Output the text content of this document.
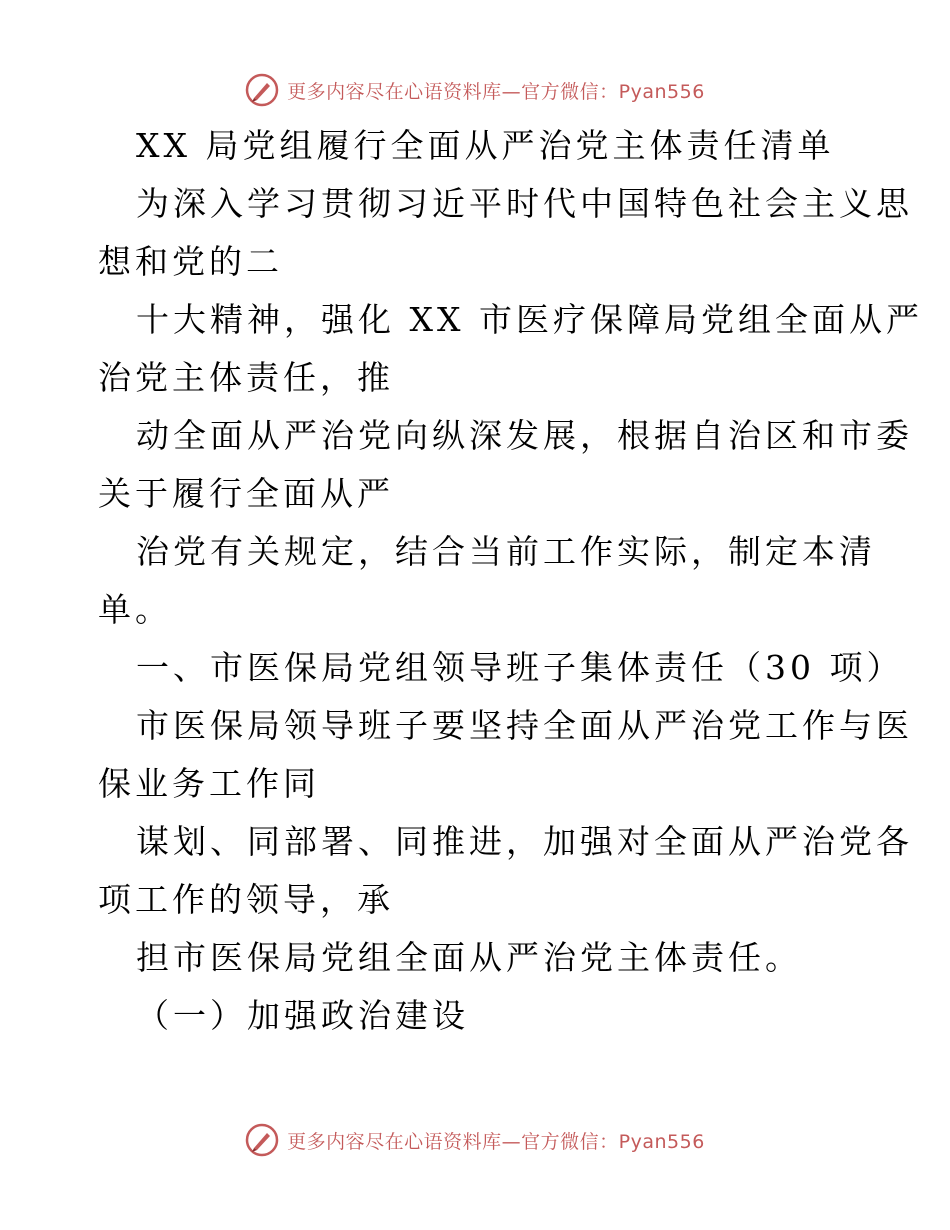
更多内容尽在心语资料库—官方微信：Pyan556
XX 局党组履行全面从严治党主体责任清单
为深入学习贯彻习近平时代中国特色社会主义思
想和党的二
十大精神，强化 XX 市医疗保障局党组全面从严
治党主体责任，推
动全面从严治党向纵深发展，根据自治区和市委
关于履行全面从严
治党有关规定，结合当前工作实际，制定本清
单。
一、市医保局党组领导班子集体责任（30 项）
市医保局领导班子要坚持全面从严治党工作与医
保业务工作同
谋划、同部署、同推进，加强对全面从严治党各
项工作的领导，承
担市医保局党组全面从严治党主体责任。
（一）加强政治建设
更多内容尽在心语资料库—官方微信：Pyan556
